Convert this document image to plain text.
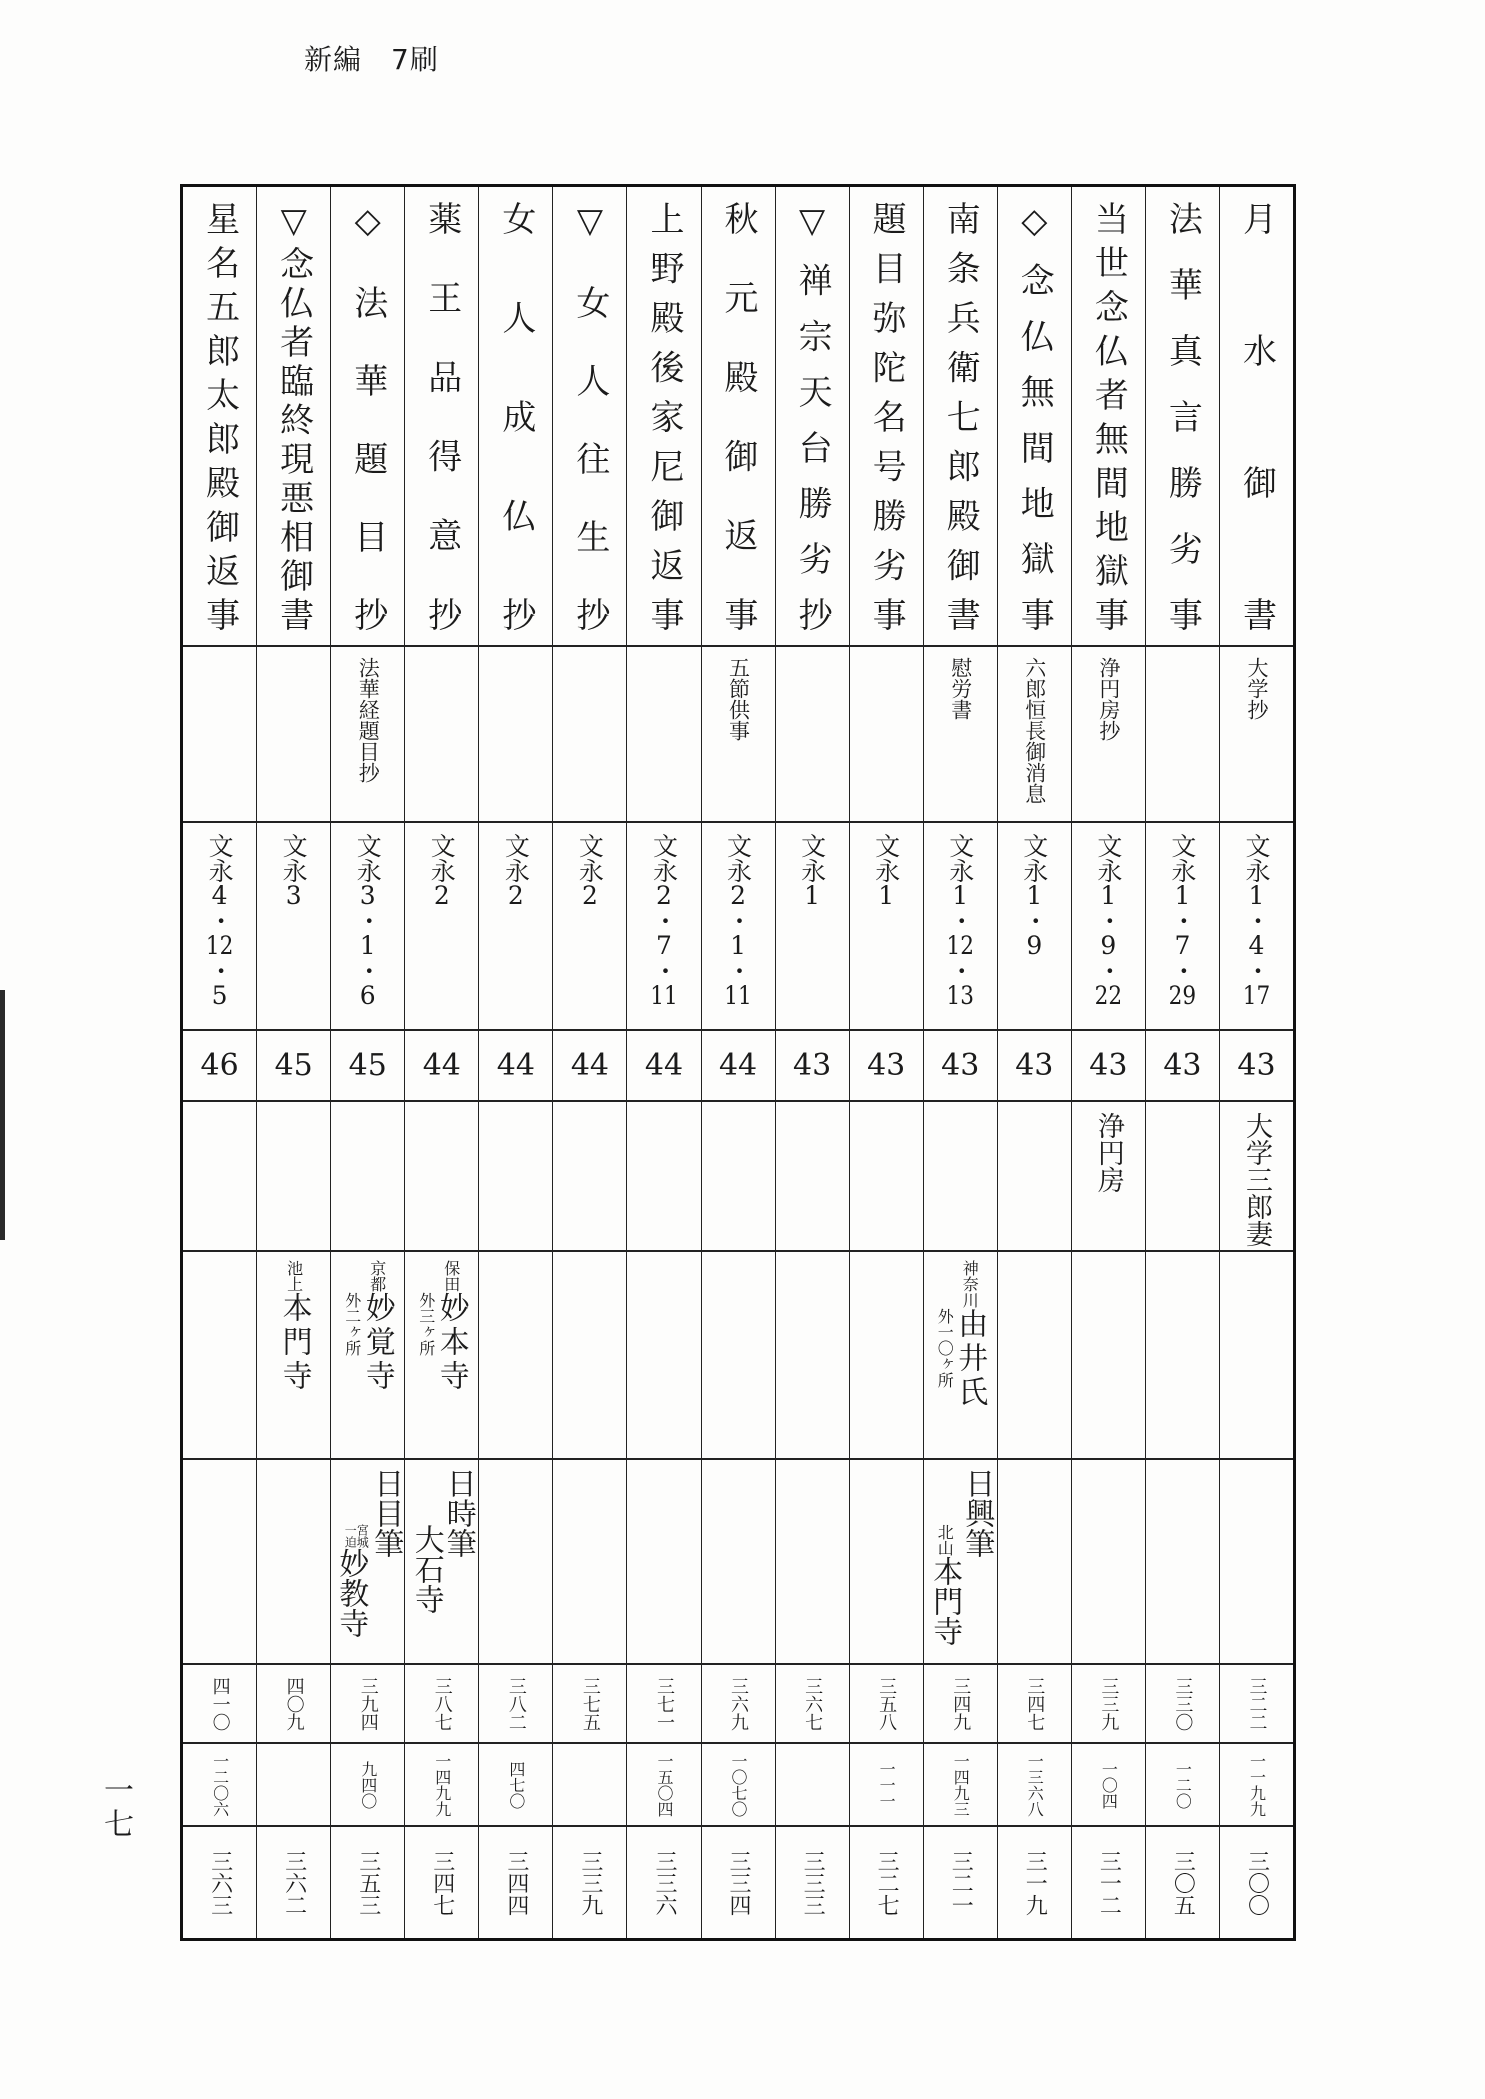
新編　7刷
一七
月水御書
大学抄
文永1・4・17
43
大学三郎妻
三二二
一一九九
三〇〇
法華真言勝劣事
文永1・7・29
43
三三〇
一二〇
三〇五
当世念仏者無間地獄事
浄円房抄
文永1・9・22
43
浄円房
三三九
一〇四
三一二
◇念仏無間地獄事
六郎恒長御消息
文永1・9
43
三四七
一三六八
三一九
南条兵衛七郎殿御書
慰労書
文永1・12・13
43
神奈川由井氏
外一〇ヶ所
日興筆
北山本門寺
三四九
一四九三
三二一
題目弥陀名号勝劣事
文永1
43
三五八
一一一
三二七
▽禅宗天台勝劣抄
文永1
43
三六七
三三三
秋元殿御返事
五節供事
文永2・1・11
44
三六九
一〇七〇
三三四
上野殿後家尼御返事
文永2・7・11
44
三七一
一五〇四
三三六
▽女人往生抄
文永2
44
三七五
三三九
女人成仏抄
文永2
44
三八二
四七〇
三四四
薬王品得意抄
文永2
44
保田妙本寺
外三ヶ所
日時筆
大石寺
三八七
一四九九
三四七
◇法華題目抄
法華経題目抄
文永3・1・6
45
京都妙覚寺
外二ヶ所
日目筆
宮城一迫妙教寺
三九四
九四〇
三五三
▽念仏者臨終現悪相御書
文永3
45
池上本門寺
四〇九
三六二
星名五郎太郎殿御返事
文永4・12・5
46
四一〇
一二〇六
三六三
